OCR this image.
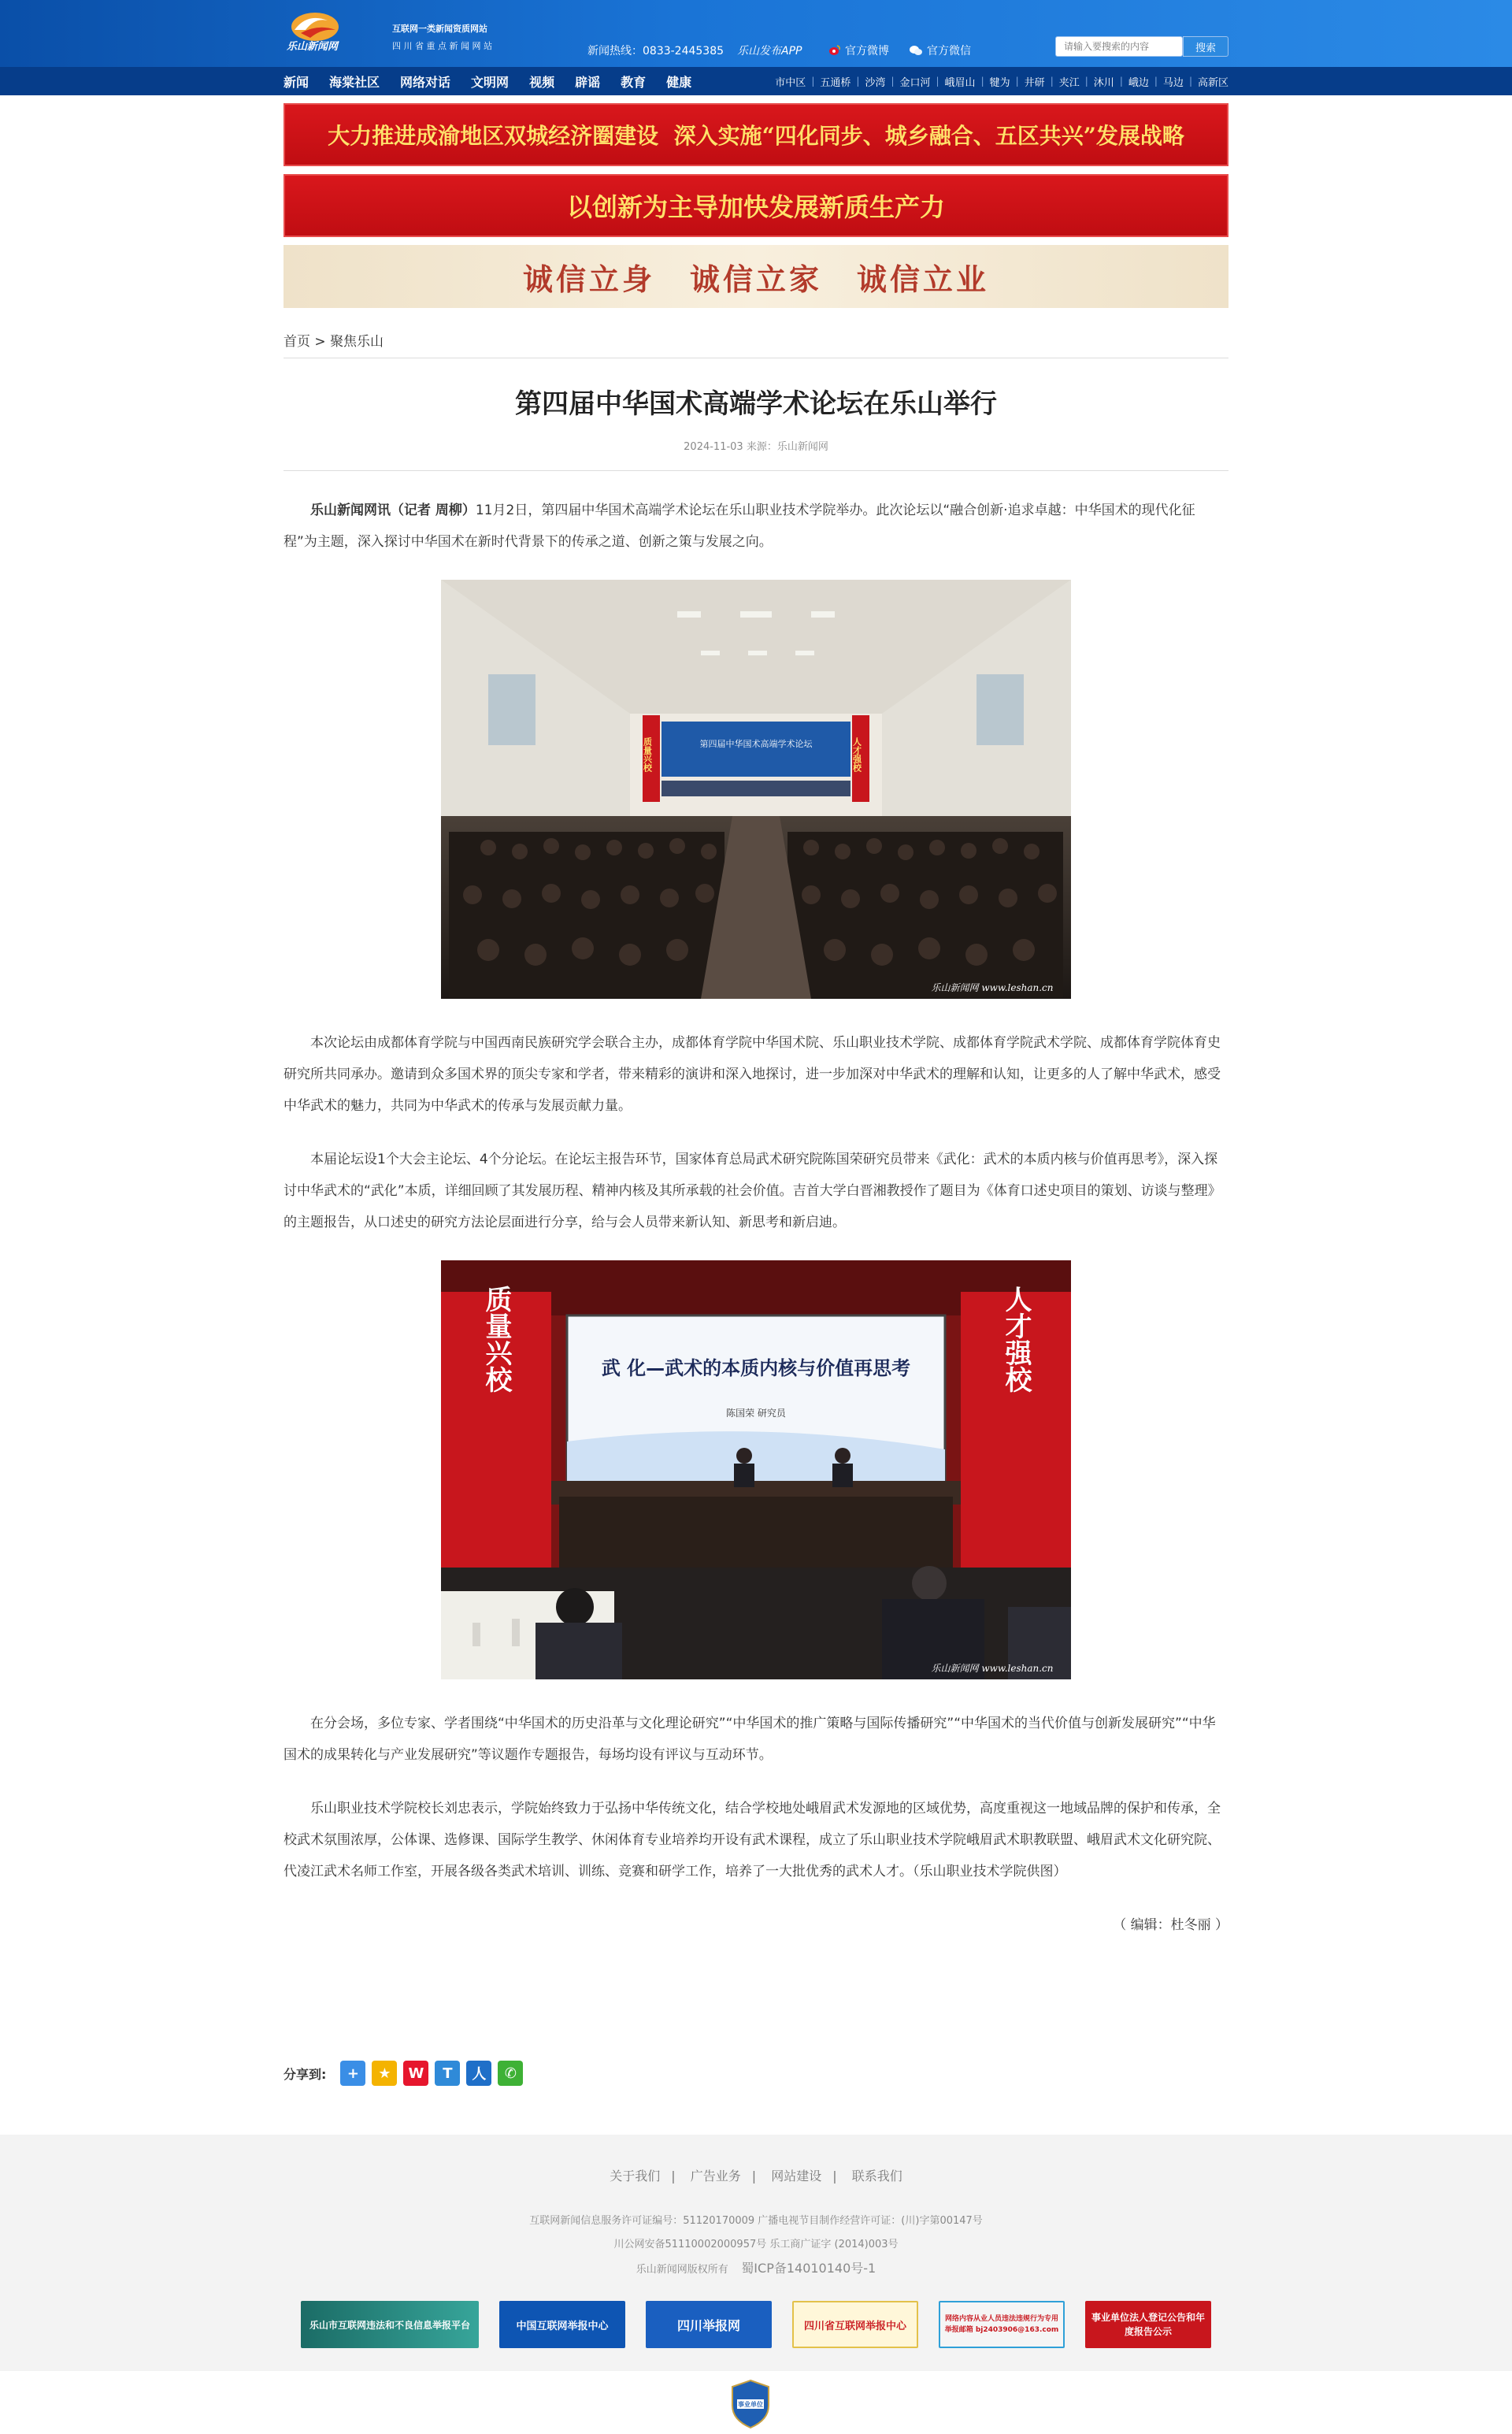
乐山新闻网
互联网一类新闻资质网站
四 川 省 重 点 新 闻 网 站	新闻热线：0833-2445385 乐山发布APP	官方微博	官方微信
请输入要搜索的内容	搜索
新闻 海棠社区 网络对话 文明网 视频 辟谣 教育 健康	市中区 | 五通桥 | 沙湾 | 金口河 | 峨眉山 | 犍为 | 井研 | 夹江 | 沐川 | 峨边 | 马边 | 高新区
大力推进成渝地区双城经济圈建设  深入实施“四化同步、城乡融合、五区共兴”发展战略
以创新为主导加快发展新质生产力
诚信立身 诚信立家 诚信立业
首页 > 聚焦乐山
第四届中华国术高端学术论坛在乐山举行
2024-11-03 来源：乐山新闻网

乐山新闻网讯（记者 周柳）11月2日，第四届中华国术高端学术论坛在乐山职业技术学院举办。此次论坛以“融合创新·追求卓越：中华国术的现代化征程”为主题，深入探讨中华国术在新时代背景下的传承之道、创新之策与发展之向。

第四届中华国术高端学术论坛
质量兴校	人才强校
乐山新闻网 www.leshan.cn

本次论坛由成都体育学院与中国西南民族研究学会联合主办，成都体育学院中华国术院、乐山职业技术学院、成都体育学院武术学院、成都体育学院体育史研究所共同承办。邀请到众多国术界的顶尖专家和学者，带来精彩的演讲和深入地探讨，进一步加深对中华武术的理解和认知，让更多的人了解中华武术，感受中华武术的魅力，共同为中华武术的传承与发展贡献力量。

本届论坛设1个大会主论坛、4个分论坛。在论坛主报告环节，国家体育总局武术研究院陈国荣研究员带来《武化：武术的本质内核与价值再思考》，深入探讨中华武术的“武化”本质，详细回顾了其发展历程、精神内核及其所承载的社会价值。吉首大学白晋湘教授作了题目为《体育口述史项目的策划、访谈与整理》的主题报告，从口述史的研究方法论层面进行分享，给与会人员带来新认知、新思考和新启迪。

质量兴校	人才强校
武 化—武术的本质内核与价值再思考
陈国荣 研究员
乐山新闻网 www.leshan.cn

在分会场，多位专家、学者围绕“中华国术的历史沿革与文化理论研究”“中华国术的推广策略与国际传播研究”“中华国术的当代价值与创新发展研究”“中华国术的成果转化与产业发展研究”等议题作专题报告，每场均设有评议与互动环节。

乐山职业技术学院校长刘忠表示，学院始终致力于弘扬中华传统文化，结合学校地处峨眉武术发源地的区域优势，高度重视这一地域品牌的保护和传承，全校武术氛围浓厚，公体课、选修课、国际学生教学、休闲体育专业培养均开设有武术课程，成立了乐山职业技术学院峨眉武术职教联盟、峨眉武术文化研究院、代凌江武术名师工作室，开展各级各类武术培训、训练、竞赛和研学工作，培养了一大批优秀的武术人才。（乐山职业技术学院供图）

（ 编辑：杜冬丽 ）
分享到:	+	★	W	T	人	✆
关于我们 | 广告业务 | 网站建设 | 联系我们
互联网新闻信息服务许可证编号：51120170009 广播电视节目制作经营许可证：(川)字第00147号
川公网安备51110002000957号 乐工商广证字 (2014)003号
乐山新闻网版权所有 蜀ICP备14010140号-1
乐山市互联网违法和不良信息举报平台	中国互联网举报中心	四川举报网	四川省互联网举报中心
网络内容从业人员违法违规行为专用举报邮箱 bj2403906@163.com
事业单位法人登记公告和年度报告公示
事业单位
